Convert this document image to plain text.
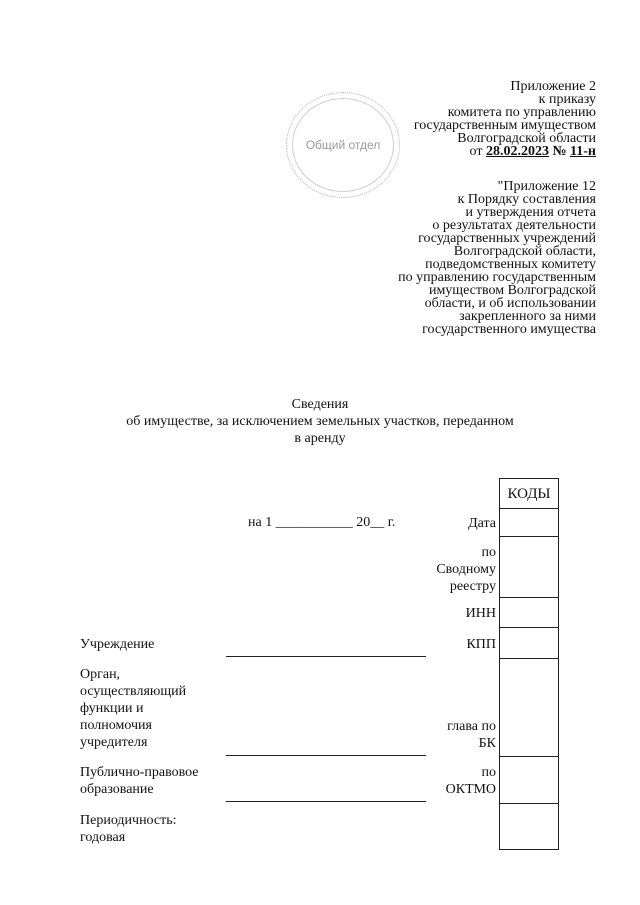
Приложение 2
к приказу
комитета по управлению
государственным имуществом
Волгоградской области
от 28.02.2023 № 11-н
Общий отдел
"Приложение 12
к Порядку составления
и утверждения отчета
о результатах деятельности
государственных учреждений
Волгоградской области,
подведомственных комитету
по управлению государственным
имуществом Волгоградской
области, и об использовании
закрепленного за ними
государственного имущества
Сведения
об имуществе, за исключением земельных участков, переданном
в аренду
на 1 ___________ 20__ г.
КОДЫ
Дата
по
Сводному
реестру
ИНН
КПП
глава по
БК
по
ОКТМО
Учреждение
Орган,
осуществляющий
функции и
полномочия
учредителя
Публично-правовое
образование
Периодичность:
годовая
